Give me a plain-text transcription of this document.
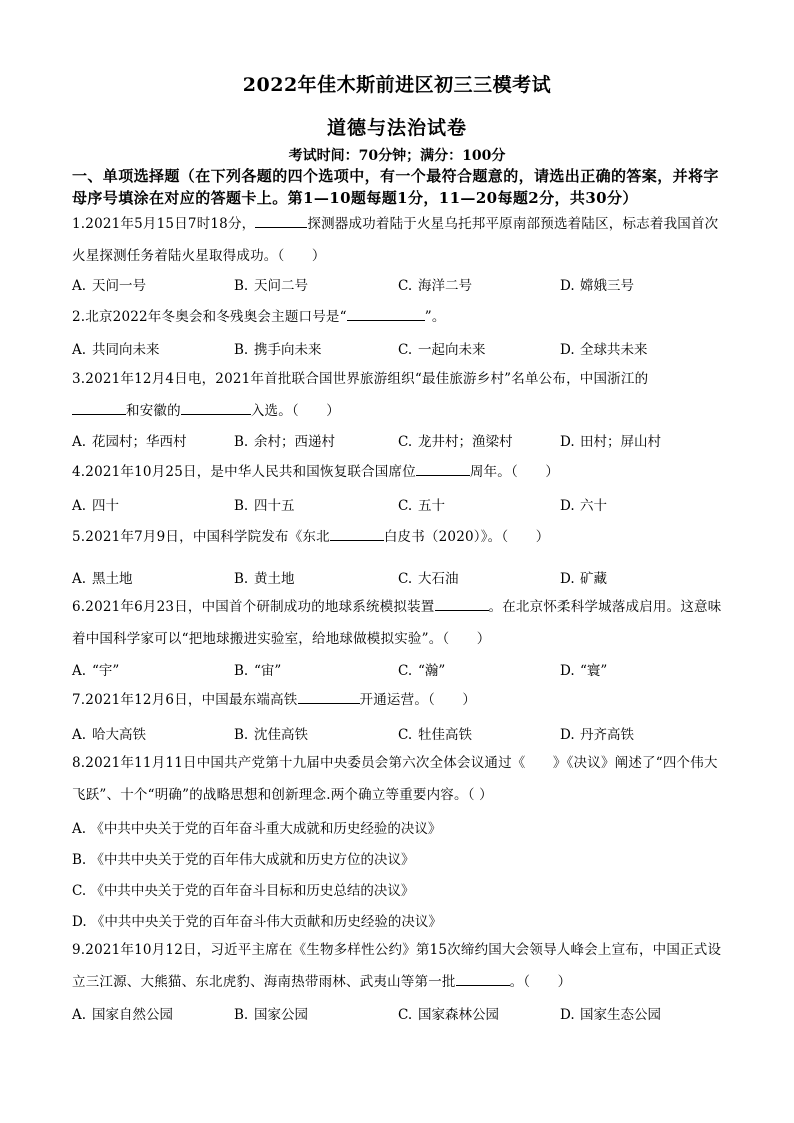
2022年佳木斯前进区初三三模考试
道德与法治试卷
考试时间：70分钟；满分：100分
一、单项选择题（在下列各题的四个选项中，有一个最符合题意的，请选出正确的答案，并将字母序号填涂在对应的答题卡上。第1—10题每题1分，11—20每题2分，共30分）
1.2021年5月15日7时18分，	探测器成功着陆于火星乌托邦平原南部预选着陆区，标志着我国首次火星探测任务着陆火星取得成功。（　　）
A. 天问一号	B. 天问二号	C. 海洋二号	D. 嫦娥三号
2.北京2022年冬奥会和冬残奥会主题口号是“	”。
A. 共同向未来	B. 携手向未来	C. 一起向未来	D. 全球共未来
3.2021年12月4日电，2021年首批联合国世界旅游组织“最佳旅游乡村”名单公布，中国浙江的
和安徽的	入选。（　　）
A. 花园村；华西村	B. 余村；西递村	C. 龙井村；渔梁村	D. 田村；屏山村
4.2021年10月25日，是中华人民共和国恢复联合国席位	周年。（　　）
A. 四十	B. 四十五	C. 五十	D. 六十
5.2021年7月9日，中国科学院发布《东北	白皮书（2020）》。（　　）
A. 黑土地	B. 黄土地	C. 大石油	D. 矿藏
6.2021年6月23日，中国首个研制成功的地球系统模拟装置	。在北京怀柔科学城落成启用。这意味着中国科学家可以“把地球搬进实验室，给地球做模拟实验”。（　　）
A. “宇”	B. “宙”	C. “瀚”	D. “寰”
7.2021年12月6日，中国最东端高铁	开通运营。（　　）
A. 哈大高铁	B. 沈佳高铁	C. 牡佳高铁	D. 丹齐高铁
8.2021年11月11日中国共产党第十九届中央委员会第六次全体会议通过《　　》《决议》阐述了“四个伟大飞跃”、十个“明确”的战略思想和创新理念.两个确立等重要内容。（ ）
A. 《中共中央关于党的百年奋斗重大成就和历史经验的决议》
B. 《中共中央关于党的百年伟大成就和历史方位的决议》
C. 《中共中央关于党的百年奋斗目标和历史总结的决议》
D. 《中共中央关于党的百年奋斗伟大贡献和历史经验的决议》
9.2021年10月12日，习近平主席在《生物多样性公约》第15次缔约国大会领导人峰会上宣布，中国正式设立三江源、大熊猫、东北虎豹、海南热带雨林、武夷山等第一批	。（　　）
A. 国家自然公园	B. 国家公园	C. 国家森林公园	D. 国家生态公园
